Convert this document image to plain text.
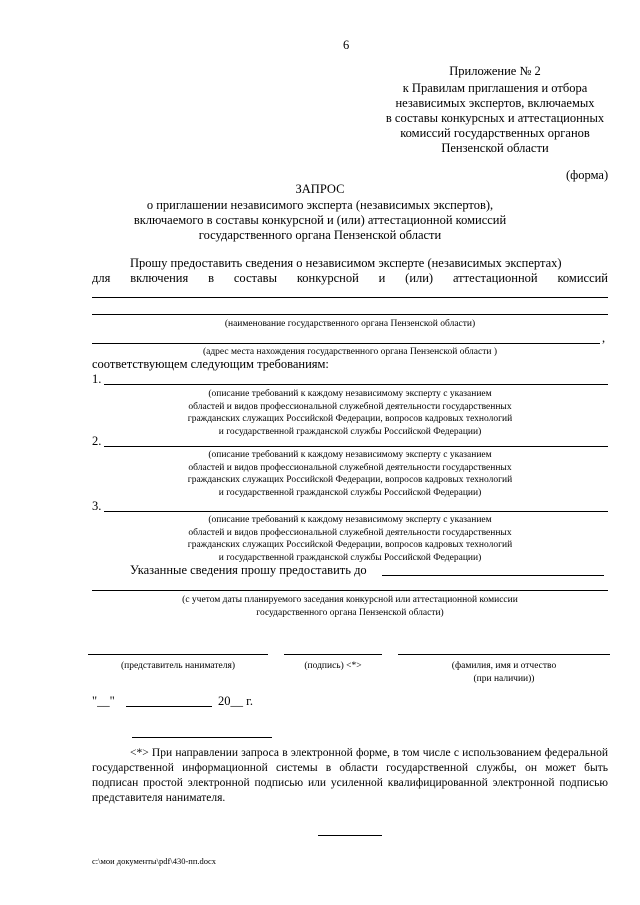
6
Приложение № 2
к Правилам приглашения и отбора
независимых экспертов, включаемых
в составы конкурсных и аттестационных
комиссий государственных органов
Пензенской области
(форма)
ЗАПРОС
о приглашении независимого эксперта (независимых экспертов),
включаемого в составы конкурсной и (или) аттестационной комиссий
государственного органа Пензенской области
Прошу предоставить сведения о независимом эксперте (независимых экспертах)
для включения в составы конкурсной и (или) аттестационной комиссий
(наименование государственного органа Пензенской области)
,
(адрес места нахождения государственного органа Пензенской области )
соответствующем следующим требованиям:
1.
(описание требований к каждому независимому эксперту с указанием
областей и видов профессиональной служебной деятельности государственных
гражданских служащих Российской Федерации, вопросов кадровых технологий
и государственной гражданской службы Российской Федерации)
2.
(описание требований к каждому независимому эксперту с указанием
областей и видов профессиональной служебной деятельности государственных
гражданских служащих Российской Федерации, вопросов кадровых технологий
и государственной гражданской службы Российской Федерации)
3.
(описание требований к каждому независимому эксперту с указанием
областей и видов профессиональной служебной деятельности государственных
гражданских служащих Российской Федерации, вопросов кадровых технологий
и государственной гражданской службы Российской Федерации)
Указанные сведения прошу предоставить до
(с учетом даты планируемого заседания конкурсной или аттестационной комиссии
государственного органа Пензенской области)
(представитель нанимателя)	(подпись) <*>	(фамилия, имя и отчество
(при наличии))
"__"	20__ г.
<*> При направлении запроса в электронной форме, в том числе с использованием федеральной государственной информационной системы в области государственной службы, он может быть подписан простой электронной подписью или усиленной квалифицированной электронной подписью представителя нанимателя.
c:\мои документы\pdf\430-пп.docx
